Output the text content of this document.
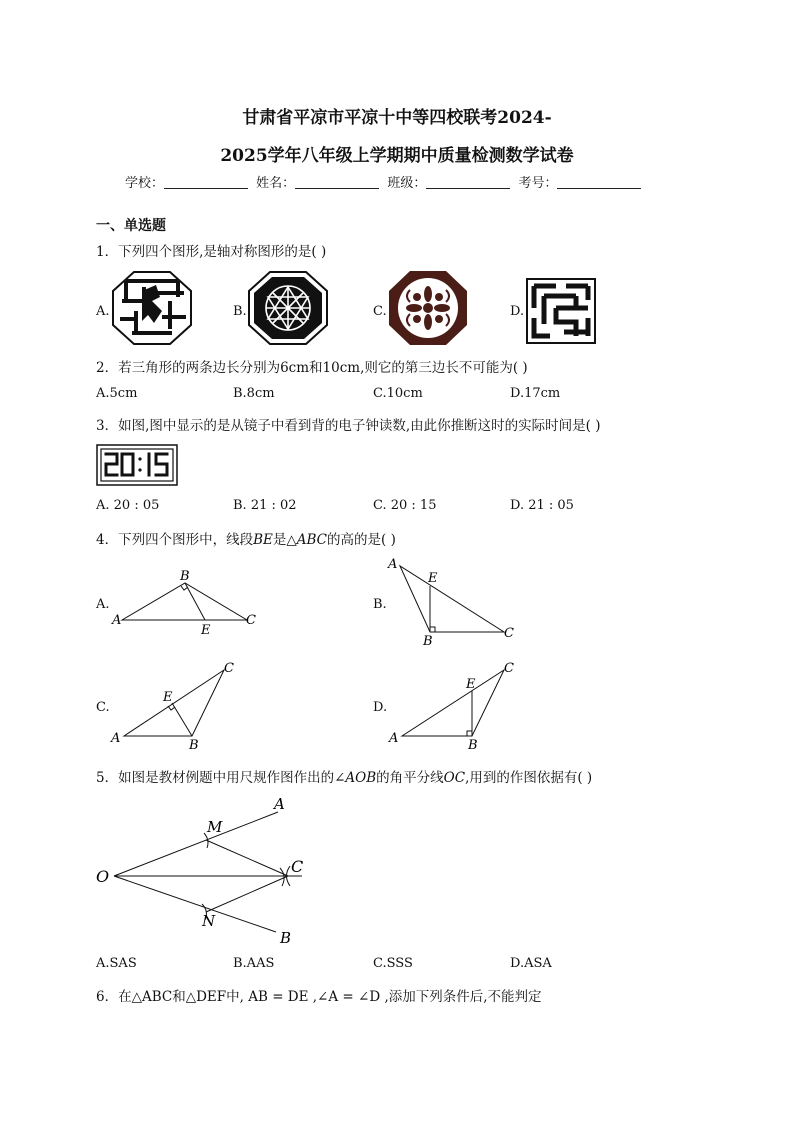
甘肃省平凉市平凉十中等四校联考2024-
2025学年八年级上学期期中质量检测数学试卷
学校：	姓名：	班级：	考号：
一、单选题
1．下列四个图形,是轴对称图形的是( )
A.	B.	C.	D.
2．若三角形的两条边长分别为6cm和10cm,则它的第三边长不可能为( )
A.5cm	B.8cm	C.10cm	D.17cm
3．如图,图中显示的是从镜子中看到背的电子钟读数,由此你推断这时的实际时间是( )
A. 20 : 05	B. 21 : 02	C. 20 : 15	D. 21 : 05
4．下列四个图形中，线段BE是△ABC的高的是( )
A.
A
B
E
C
B.
A
E
B
C
C.
A
E
C
B
D.
A
E
C
B
5．如图是教材例题中用尺规作图作出的∠AOB的角平分线OC,用到的作图依据有( )
O
A
M
C
N
B
A.SAS	B.AAS	C.SSS	D.ASA
6．在△ABC和△DEF中, AB = DE ,∠A = ∠D ,添加下列条件后,不能判定
